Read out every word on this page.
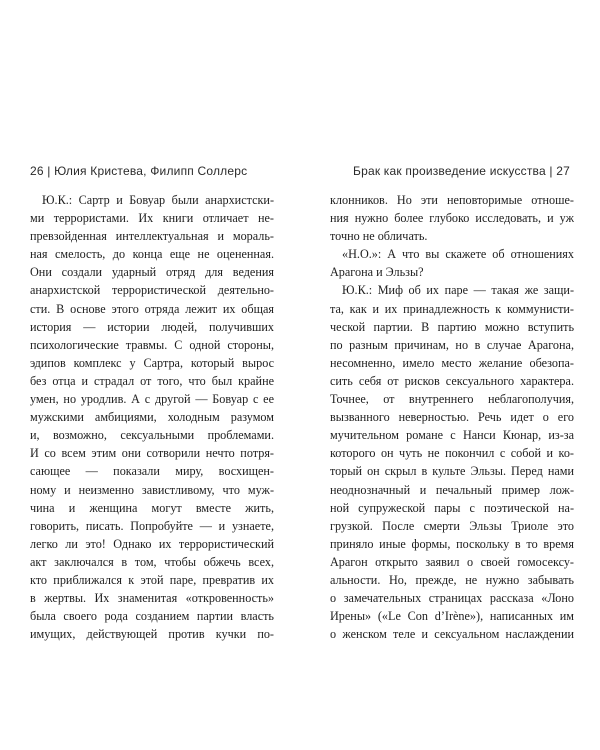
26 | Юлия Кристева, Филипп Соллерс
Ю.К.: Сартр и Бовуар были анархистски-
ми террористами. Их книги отличает не-
превзойденная интеллектуальная и мораль-
ная смелость, до конца еще не оцененная.
Они создали ударный отряд для ведения
анархистской террористической деятельно-
сти. В основе этого отряда лежит их общая
история — истории людей, получивших
психологические травмы. С одной стороны,
эдипов комплекс у Сартра, который вырос
без отца и страдал от того, что был крайне
умен, но уродлив. А с другой — Бовуар с ее
мужскими амбициями, холодным разумом
и, возможно, сексуальными проблемами.
И со всем этим они сотворили нечто потря-
сающее — показали миру, восхищен-
ному и неизменно завистливому, что муж-
чина и женщина могут вместе жить,
говорить, писать. Попробуйте — и узнаете,
легко ли это! Однако их террористический
акт заключался в том, чтобы обжечь всех,
кто приближался к этой паре, превратив их
в жертвы. Их знаменитая «откровенность»
была своего рода созданием партии власть
имущих, действующей против кучки по-
Брак как произведение искусства | 27
клонников. Но эти неповторимые отноше-
ния нужно более глубоко исследовать, и уж
точно не обличать.
«Н.О.»: А что вы скажете об отношениях
Арагона и Эльзы?
Ю.К.: Миф об их паре — такая же защи-
та, как и их принадлежность к коммунисти-
ческой партии. В партию можно вступить
по разным причинам, но в случае Арагона,
несомненно, имело место желание обезопа-
сить себя от рисков сексуального характера.
Точнее, от внутреннего неблагополучия,
вызванного неверностью. Речь идет о его
мучительном романе с Нанси Кюнар, из-за
которого он чуть не покончил с собой и ко-
торый он скрыл в культе Эльзы. Перед нами
неоднозначный и печальный пример лож-
ной супружеской пары с поэтической на-
грузкой. После смерти Эльзы Триоле это
приняло иные формы, поскольку в то время
Арагон открыто заявил о своей гомосексу-
альности. Но, прежде, не нужно забывать
о замечательных страницах рассказа «Лоно
Ирены» («Le Con d’Irène»), написанных им
о женском теле и сексуальном наслаждении
